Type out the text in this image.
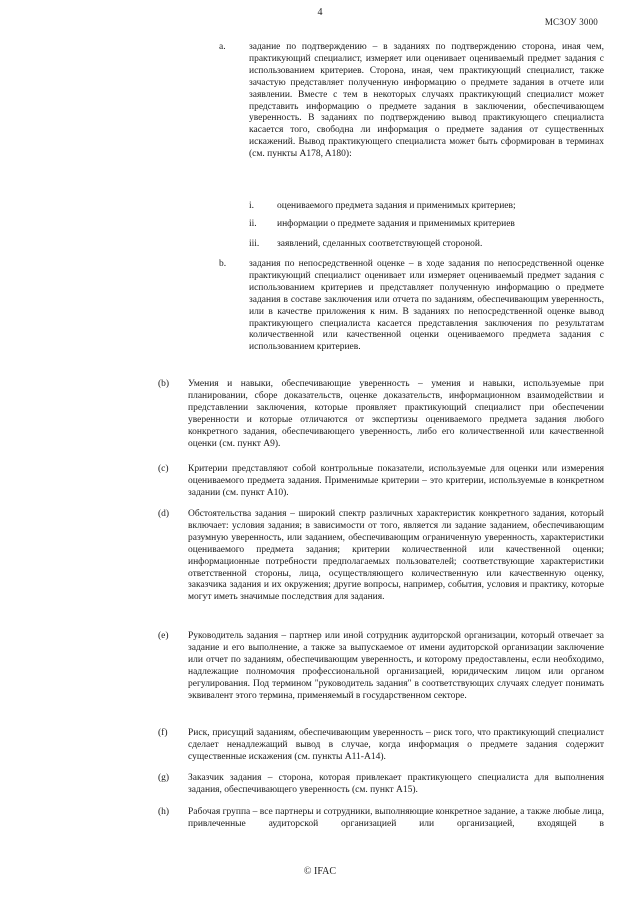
4
МСЗОУ 3000
a. задание по подтверждению – в заданиях по подтверждению сторона, иная чем, практикующий специалист, измеряет или оценивает оцениваемый предмет задания с использованием критериев. Сторона, иная, чем практикующий специалист, также зачастую представляет полученную информацию о предмете задания в отчете или заявлении. Вместе с тем в некоторых случаях практикующий специалист может представить информацию о предмете задания в заключении, обеспечивающем уверенность. В заданиях по подтверждению вывод практикующего специалиста касается того, свободна ли информация о предмете задания от существенных искажений. Вывод практикующего специалиста может быть сформирован в терминах (см. пункты A178, A180):
i. оцениваемого предмета задания и применимых критериев;
ii. информации о предмете задания и применимых критериев
iii. заявлений, сделанных соответствующей стороной.
b. задания по непосредственной оценке – в ходе задания по непосредственной оценке практикующий специалист оценивает или измеряет оцениваемый предмет задания с использованием критериев и представляет полученную информацию о предмете задания в составе заключения или отчета по заданиям, обеспечивающим уверенность, или в качестве приложения к ним. В заданиях по непосредственной оценке вывод практикующего специалиста касается представления заключения по результатам количественной или качественной оценки оцениваемого предмета задания с использованием критериев.
(b) Умения и навыки, обеспечивающие уверенность – умения и навыки, используемые при планировании, сборе доказательств, оценке доказательств, информационном взаимодействии и представлении заключения, которые проявляет практикующий специалист при обеспечении уверенности и которые отличаются от экспертизы оцениваемого предмета задания любого конкретного задания, обеспечивающего уверенность, либо его количественной или качественной оценки (см. пункт A9).
(c) Критерии представляют собой контрольные показатели, используемые для оценки или измерения оцениваемого предмета задания. Применимые критерии – это критерии, используемые в конкретном задании (см. пункт A10).
(d) Обстоятельства задания – широкий спектр различных характеристик конкретного задания, который включает: условия задания; в зависимости от того, является ли задание заданием, обеспечивающим разумную уверенность, или заданием, обеспечивающим ограниченную уверенность, характеристики оцениваемого предмета задания; критерии количественной или качественной оценки; информационные потребности предполагаемых пользователей; соответствующие характеристики ответственной стороны, лица, осуществляющего количественную или качественную оценку, заказчика задания и их окружения; другие вопросы, например, события, условия и практику, которые могут иметь значимые последствия для задания.
(e) Руководитель задания – партнер или иной сотрудник аудиторской организации, который отвечает за задание и его выполнение, а также за выпускаемое от имени аудиторской организации заключение или отчет по заданиям, обеспечивающим уверенность, и которому предоставлены, если необходимо, надлежащие полномочия профессиональной организацией, юридическим лицом или органом регулирования. Под термином "руководитель задания" в соответствующих случаях следует понимать эквивалент этого термина, применяемый в государственном секторе.
(f) Риск, присущий заданиям, обеспечивающим уверенность – риск того, что практикующий специалист сделает ненадлежащий вывод в случае, когда информация о предмете задания содержит существенные искажения (см. пункты A11-A14).
(g) Заказчик задания – сторона, которая привлекает практикующего специалиста для выполнения задания, обеспечивающего уверенность (см. пункт A15).
(h) Рабочая группа – все партнеры и сотрудники, выполняющие конкретное задание, а также любые лица, привлеченные аудиторской организацией или организацией, входящей в
© IFAC
